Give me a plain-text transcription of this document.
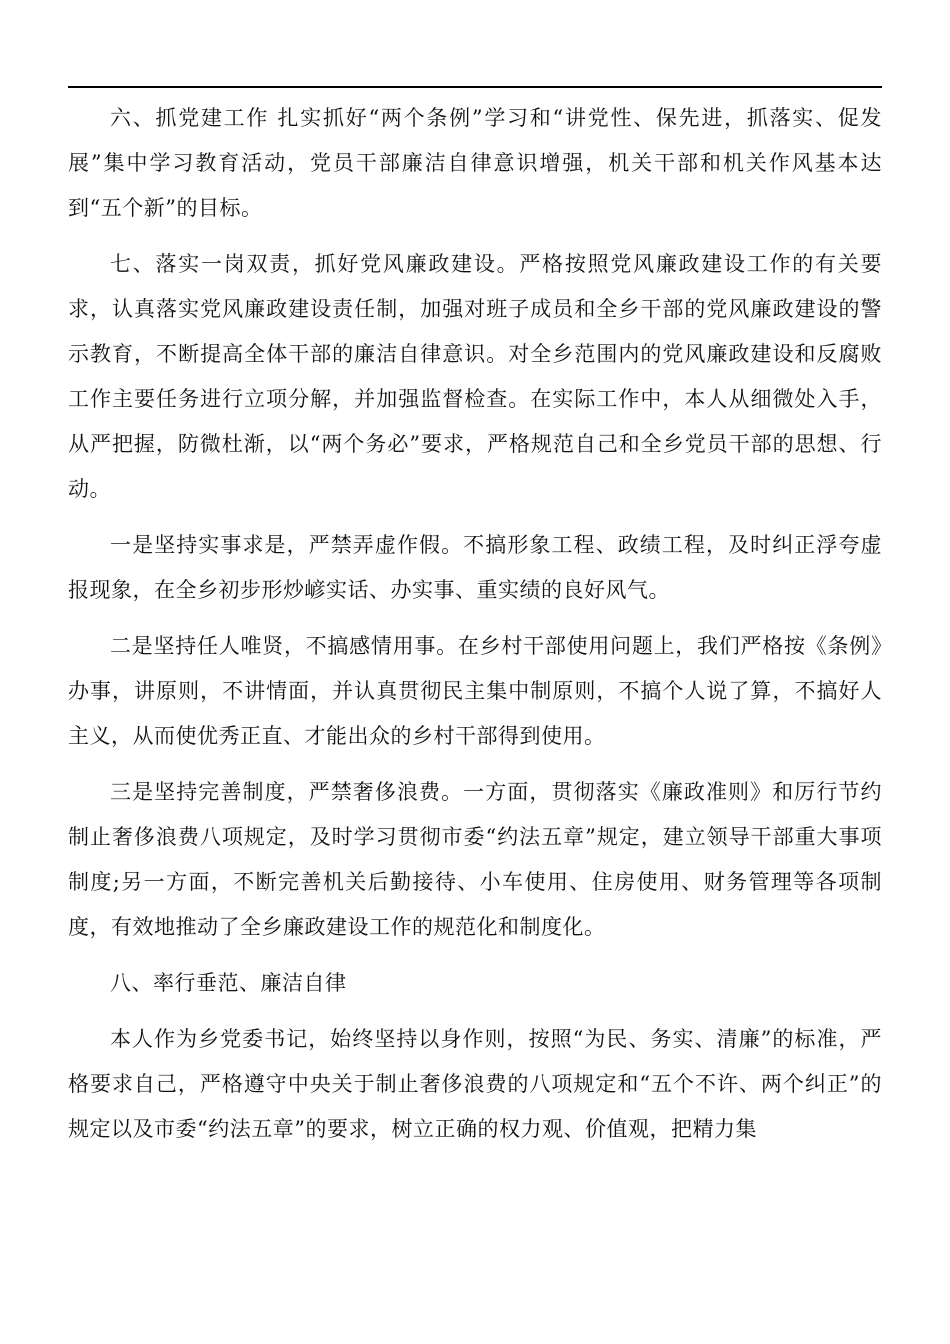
六、抓党建工作 扎实抓好“两个条例”学习和“讲党性、保先进，抓落实、促发展”集中学习教育活动，党员干部廉洁自律意识增强，机关干部和机关作风基本达到“五个新”的目标。

七、落实一岗双责，抓好党风廉政建设。严格按照党风廉政建设工作的有关要求，认真落实党风廉政建设责任制，加强对班子成员和全乡干部的党风廉政建设的警示教育，不断提高全体干部的廉洁自律意识。对全乡范围内的党风廉政建设和反腐败工作主要任务进行立项分解，并加强监督检查。在实际工作中，本人从细微处入手，从严把握，防微杜渐，以“两个务必”要求，严格规范自己和全乡党员干部的思想、行动。

一是坚持实事求是，严禁弄虚作假。不搞形象工程、政绩工程，及时纠正浮夸虚报现象，在全乡初步形炒嵃实话、办实事、重实绩的良好风气。

二是坚持任人唯贤，不搞感情用事。在乡村干部使用问题上，我们严格按《条例》办事，讲原则，不讲情面，并认真贯彻民主集中制原则，不搞个人说了算，不搞好人主义，从而使优秀正直、才能出众的乡村干部得到使用。

三是坚持完善制度，严禁奢侈浪费。一方面，贯彻落实《廉政准则》和厉行节约制止奢侈浪费八项规定，及时学习贯彻市委“约法五章”规定，建立领导干部重大事项制度;另一方面，不断完善机关后勤接待、小车使用、住房使用、财务管理等各项制度，有效地推动了全乡廉政建设工作的规范化和制度化。

八、率行垂范、廉洁自律

本人作为乡党委书记，始终坚持以身作则，按照“为民、务实、清廉”的标准，严格要求自己，严格遵守中央关于制止奢侈浪费的八项规定和“五个不许、两个纠正”的规定以及市委“约法五章”的要求，树立正确的权力观、价值观，把精力集
